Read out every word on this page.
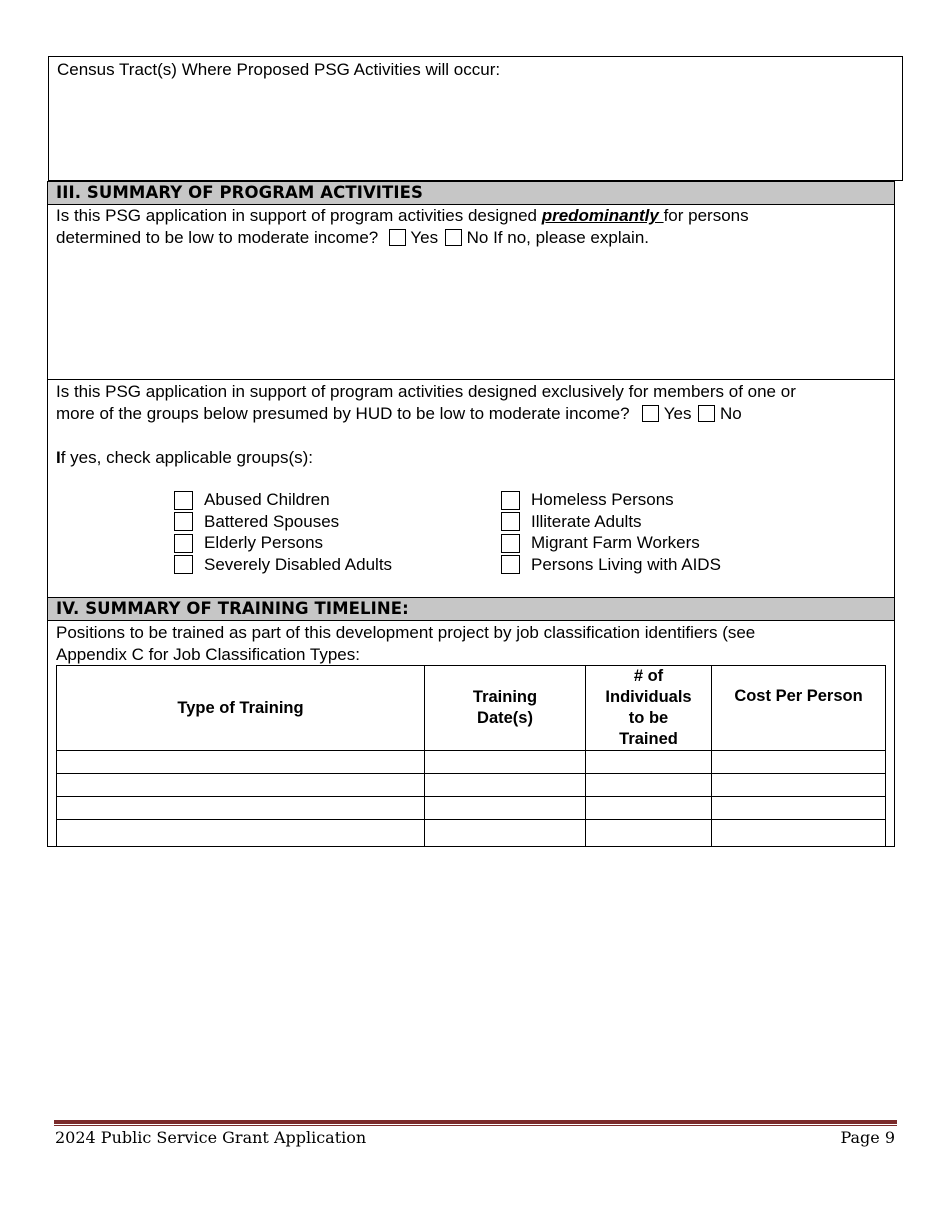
Census Tract(s) Where Proposed PSG Activities will occur:
III. SUMMARY OF PROGRAM ACTIVITIES
Is this PSG application in support of program activities designed predominantly for persons
determined to be low to moderate income? Yes No If no, please explain.
Is this PSG application in support of program activities designed exclusively for members of one or
more of the groups below presumed by HUD to be low to moderate income? Yes No
If yes, check applicable groups(s):
Abused Children
Battered Spouses
Elderly Persons
Severely Disabled Adults
Homeless Persons
Illiterate Adults
Migrant Farm Workers
Persons Living with AIDS
IV. SUMMARY OF TRAINING TIMELINE:
Positions to be trained as part of this development project by job classification identifiers (see
Appendix C for Job Classification Types:
Type of Training	Training Date(s)	# of Individuals to be Trained	Cost Per Person

2024 Public Service Grant Application	Page 9
